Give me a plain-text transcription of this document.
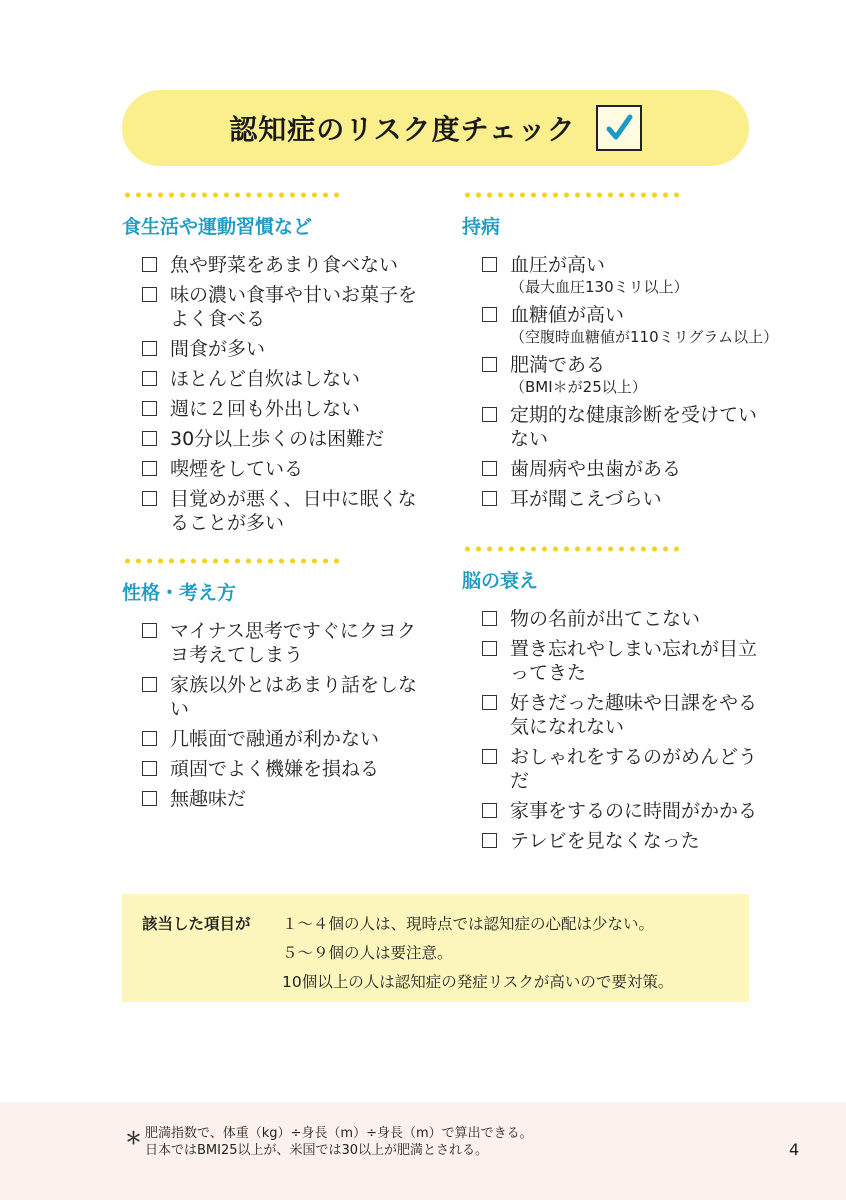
認知症のリスク度チェック
食生活や運動習慣など
魚や野菜をあまり食べない
味の濃い食事や甘いお菓子をよく食べる
間食が多い
ほとんど自炊はしない
週に２回も外出しない
30分以上歩くのは困難だ
喫煙をしている
目覚めが悪く、日中に眠くなることが多い
性格・考え方
マイナス思考ですぐにクヨクヨ考えてしまう
家族以外とはあまり話をしない
几帳面で融通が利かない
頑固でよく機嫌を損ねる
無趣味だ
持病
血圧が高い
（最大血圧130ミリ以上）
血糖値が高い
（空腹時血糖値が110ミリグラム以上）
肥満である
（BMI＊が25以上）
定期的な健康診断を受けていない
歯周病や虫歯がある
耳が聞こえづらい
脳の衰え
物の名前が出てこない
置き忘れやしまい忘れが目立ってきた
好きだった趣味や日課をやる気になれない
おしゃれをするのがめんどうだ
家事をするのに時間がかかる
テレビを見なくなった
該当した項目が	１～４個の人は、現時点では認知症の心配は少ない。
５～９個の人は要注意。
10個以上の人は認知症の発症リスクが高いので要対策。
＊ 肥満指数で、体重（kg）÷身長（m）÷身長（m）で算出できる。
日本ではBMI25以上が、米国では30以上が肥満とされる。	4
